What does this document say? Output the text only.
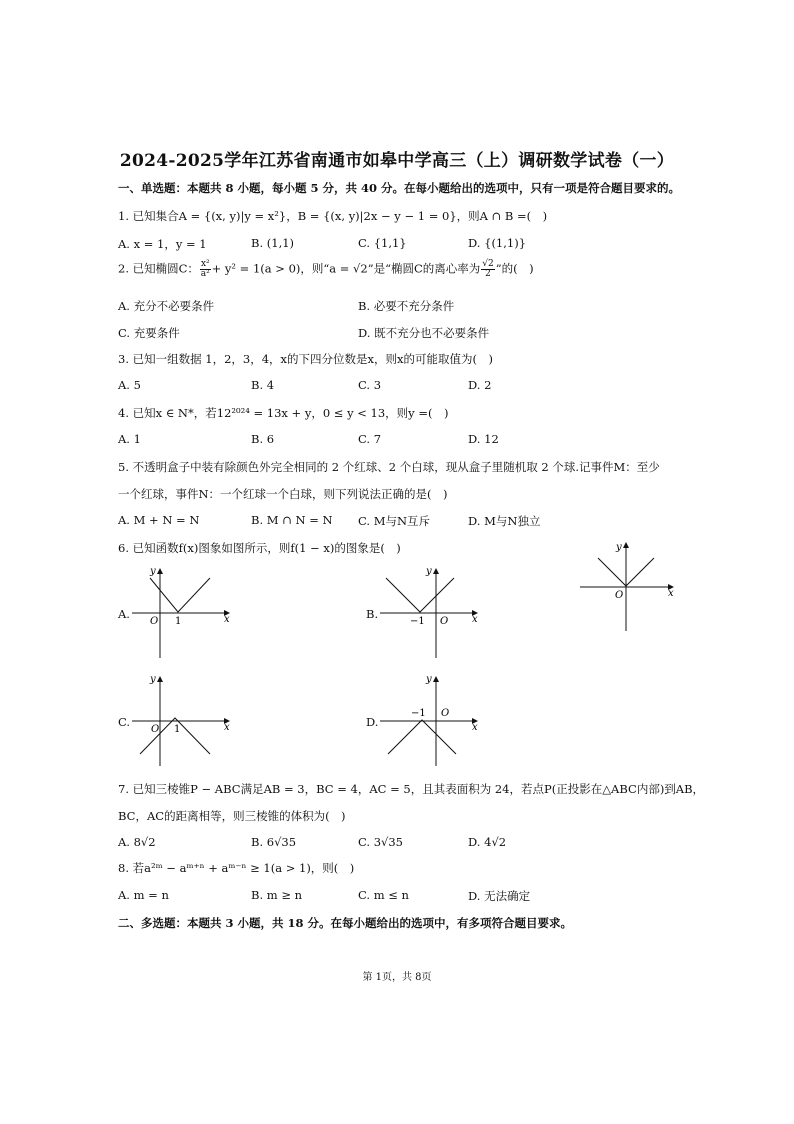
2024-2025学年江苏省南通市如皋中学高三（上）调研数学试卷（一）
一、单选题：本题共 8 小题，每小题 5 分，共 40 分。在每小题给出的选项中，只有一项是符合题目要求的。
1. 已知集合A = {(x, y)|y = x²}，B = {(x, y)|2x − y − 1 = 0}，则A ∩ B =(　)
A. x = 1，y = 1	B. (1,1)	C. {1,1}	D. {(1,1)}
2. 已知椭圆C： $\frac{\text{x²}}{\text{a²}} + y^2 = 1(a > 0)$，则“a = √2”是“椭圆C的离心率为 $\frac{√2}{2}$ ”的(　)
A. 充分不必要条件	B. 必要不充分条件
C. 充要条件	D. 既不充分也不必要条件
3. 已知一组数据 1，2，3，4，x的下四分位数是x，则x的可能取值为(　)
A. 5	B. 4	C. 3	D. 2
4. 已知x ∈ N*，若12²⁰²⁴ = 13x + y，0 ≤ y < 13，则y =(　)
A. 1	B. 6	C. 7	D. 12
5. 不透明盒子中装有除颜色外完全相同的 2 个红球、2 个白球，现从盒子里随机取 2 个球.记事件M：至少
一个红球，事件N：一个红球一个白球，则下列说法正确的是(　)
A. M + N = N	B. M ∩ N = N C. M与N互斥	D. M与N独立
6. 已知函数f(x)图象如图所示，则f(1 − x)的图象是(　)
x
y
O
A.	x
y
O 1
B.	x
y
O
−1
C.	x
y
O 1
D.	x
y
O
−1
7. 已知三棱锥P − ABC满足AB = 3，BC = 4，AC = 5，且其表面积为 24，若点P(正投影在△ABC内部)到AB，
BC，AC的距离相等，则三棱锥的体积为(　)
A. 8√2	B. 6√35	C. 3√35	D. 4√2
8. 若a²ᵐ − aᵐ⁺ⁿ + aᵐ⁻ⁿ ≥ 1(a > 1)，则(　)
A. m = n	B. m ≥ n	C. m ≤ n	D. 无法确定
二、多选题：本题共 3 小题，共 18 分。在每小题给出的选项中，有多项符合题目要求。
第 1页，共 8页
